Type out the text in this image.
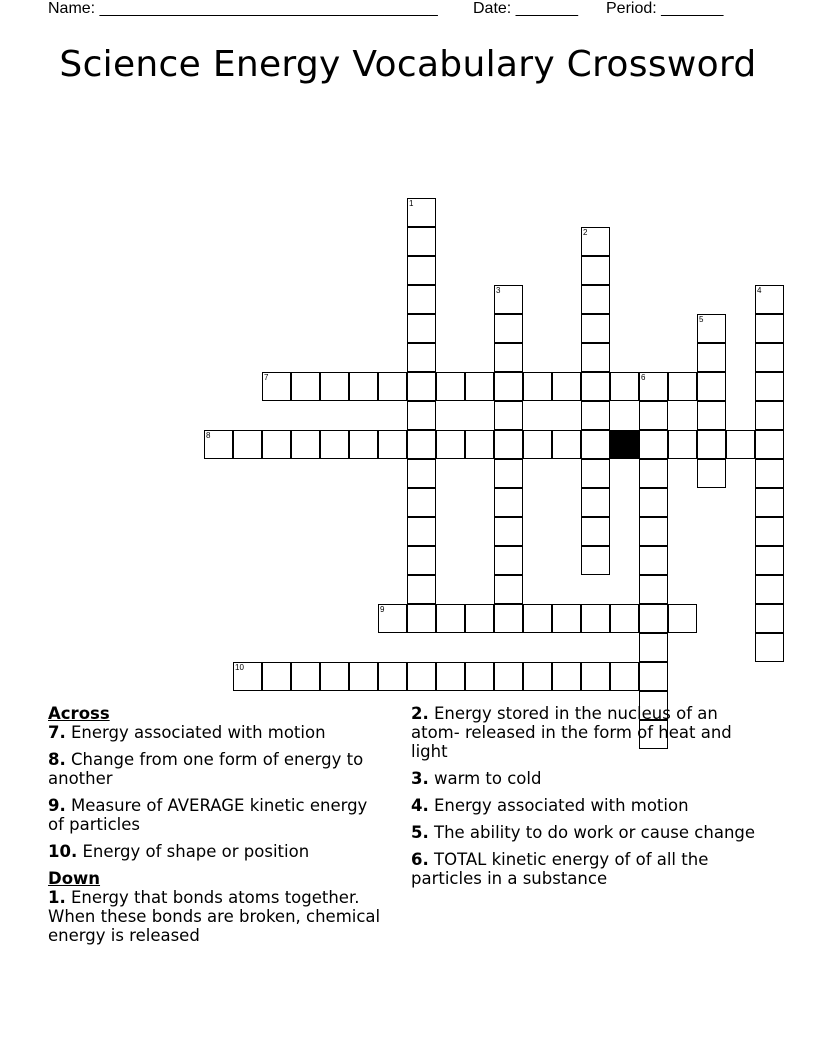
Name: ______________________________________ Date: _______ Period: _______
Science Energy Vocabulary Crossword
7
8
9
10
1
2
3	4
5
6
Across
7. Energy associated with motion
8. Change from one form of energy to another
9. Measure of AVERAGE kinetic energy of particles
10. Energy of shape or position
Down
1. Energy that bonds atoms together. When these bonds are broken, chemical energy is released
2. Energy stored in the nucleus of an atom- released in the form of heat and light
3. warm to cold
4. Energy associated with motion
5. The ability to do work or cause change
6. TOTAL kinetic energy of of all the particles in a substance
